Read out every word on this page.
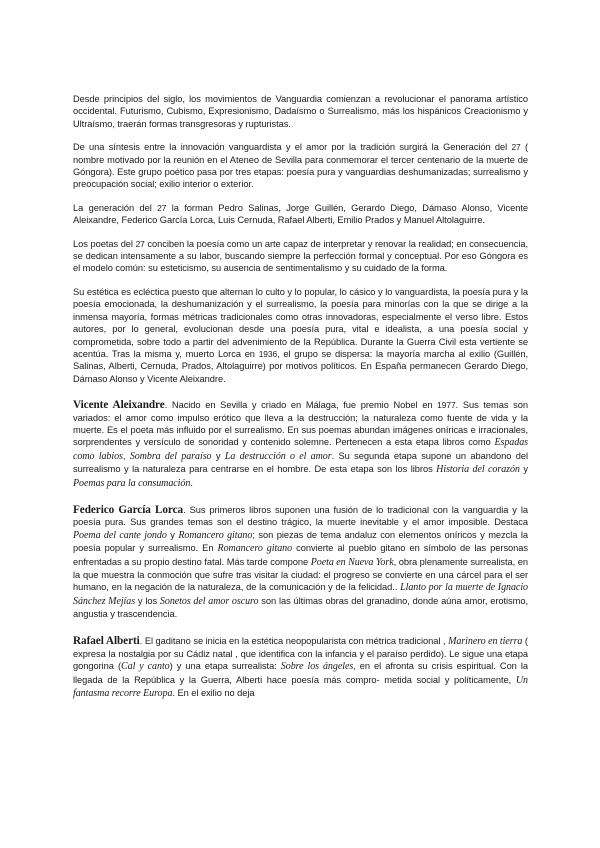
Desde principios del siglo, los movimientos de Vanguardia comienzan a revolucionar el panorama artístico occidental. Futurismo, Cubismo, Expresionismo, Dadaísmo o Surrealismo, más los hispánicos Creacionismo y Ultraísmo, traerán formas transgresoras y rupturistas.

De una síntesis entre la innovación vanguardista y el amor por la tradición surgirá la Generación del 27 ( nombre motivado por la reunión en el Ateneo de Sevilla para conmemorar el tercer centenario de la muerte de Góngora). Este grupo poético pasa por tres etapas: poesía pura y vanguardias deshumanizadas; surrealismo y preocupación social; exilio interior o exterior.

La generación del 27 la forman Pedro Salinas, Jorge Guillén, Gerardo Diego, Dámaso Alonso, Vicente Aleixandre, Federico García Lorca, Luis Cernuda, Rafael Alberti, Emilio Prados y Manuel Altolaguirre.

Los poetas del 27 conciben la poesía como un arte capaz de interpretar y renovar la realidad; en consecuencia, se dedican intensamente a su labor, buscando siempre la perfección formal y conceptual. Por eso Góngora es el modelo común: su esteticismo, su ausencia de sentimentalismo y su cuidado de la forma.

Su estética es ecléctica puesto que alternan lo culto y lo popular, lo cásico y lo vanguardista, la poesía pura y la poesía emocionada, la deshumanización y el surrealismo, la poesía para minorías con la que se dirige a la inmensa mayoría, formas métricas tradicionales como otras innovadoras, especialmente el verso libre. Estos autores, por lo general, evolucionan desde una poesía pura, vital e idealista, a una poesía social y comprometida, sobre todo a partir del advenimiento de la República. Durante la Guerra Civil esta vertiente se acentúa. Tras la misma y, muerto Lorca en 1936, el grupo se dispersa: la mayoría marcha al exilio (Guillén, Salinas, Alberti, Cernuda, Prados, Altolaguirre) por motivos políticos. En España permanecen Gerardo Diego, Dámaso Alonso y Vicente Aleixandre.

Vicente Aleixandre. Nacido en Sevilla y criado en Málaga, fue premio Nobel en 1977. Sus temas son variados: el amor como impulso erótico que lleva a la destrucción; la naturaleza como fuente de vida y la muerte. Es el poeta más influido por el surrealismo. En sus poemas abundan imágenes oníricas e irracionales, sorprendentes y versículo de sonoridad y contenido solemne. Pertenecen a esta etapa libros como Espadas como labios, Sombra del paraíso y La destrucción o el amor. Su segunda etapa supone un abandono del surrealismo y la naturaleza para centrarse en el hombre. De esta etapa son los libros Historia del corazón y Poemas para la consumación.

Federico García Lorca. Sus primeros libros suponen una fusión de lo tradicional con la vanguardia y la poesía pura. Sus grandes temas son el destino trágico, la muerte inevitable y el amor imposible. Destaca Poema del cante jondo y Romancero gitano; son piezas de tema andaluz con elementos oníricos y mezcla la poesía popular y surrealismo. En Romancero gitano convierte al pueblo gitano en símbolo de las personas enfrentadas a su propio destino fatal. Más tarde compone Poeta en Nueva York, obra plenamente surrealista, en la que muestra la conmoción que sufre tras visitar la ciudad: el progreso se convierte en una cárcel para el ser humano, en la negación de la naturaleza, de la comunicación y de la felicidad.. Llanto por la muerte de Ignacio Sánchez Mejías y los Sonetos del amor oscuro son las últimas obras del granadino, donde aúna amor, erotismo, angustia y trascendencia.

Rafael Alberti. El gaditano se inicia en la estética neopopularista con métrica tradicional , Marinero en tierra ( expresa la nostalgia por su Cádiz natal , que identifica con la infancia y el paraíso perdido). Le sigue una etapa gongorina (Cal y canto) y una etapa surrealista: Sobre los ángeles, en el afronta su crisis espiritual. Con la llegada de la República y la Guerra, Alberti hace poesía más compro- metida social y políticamente, Un fantasma recorre Europa. En el exilio no deja
